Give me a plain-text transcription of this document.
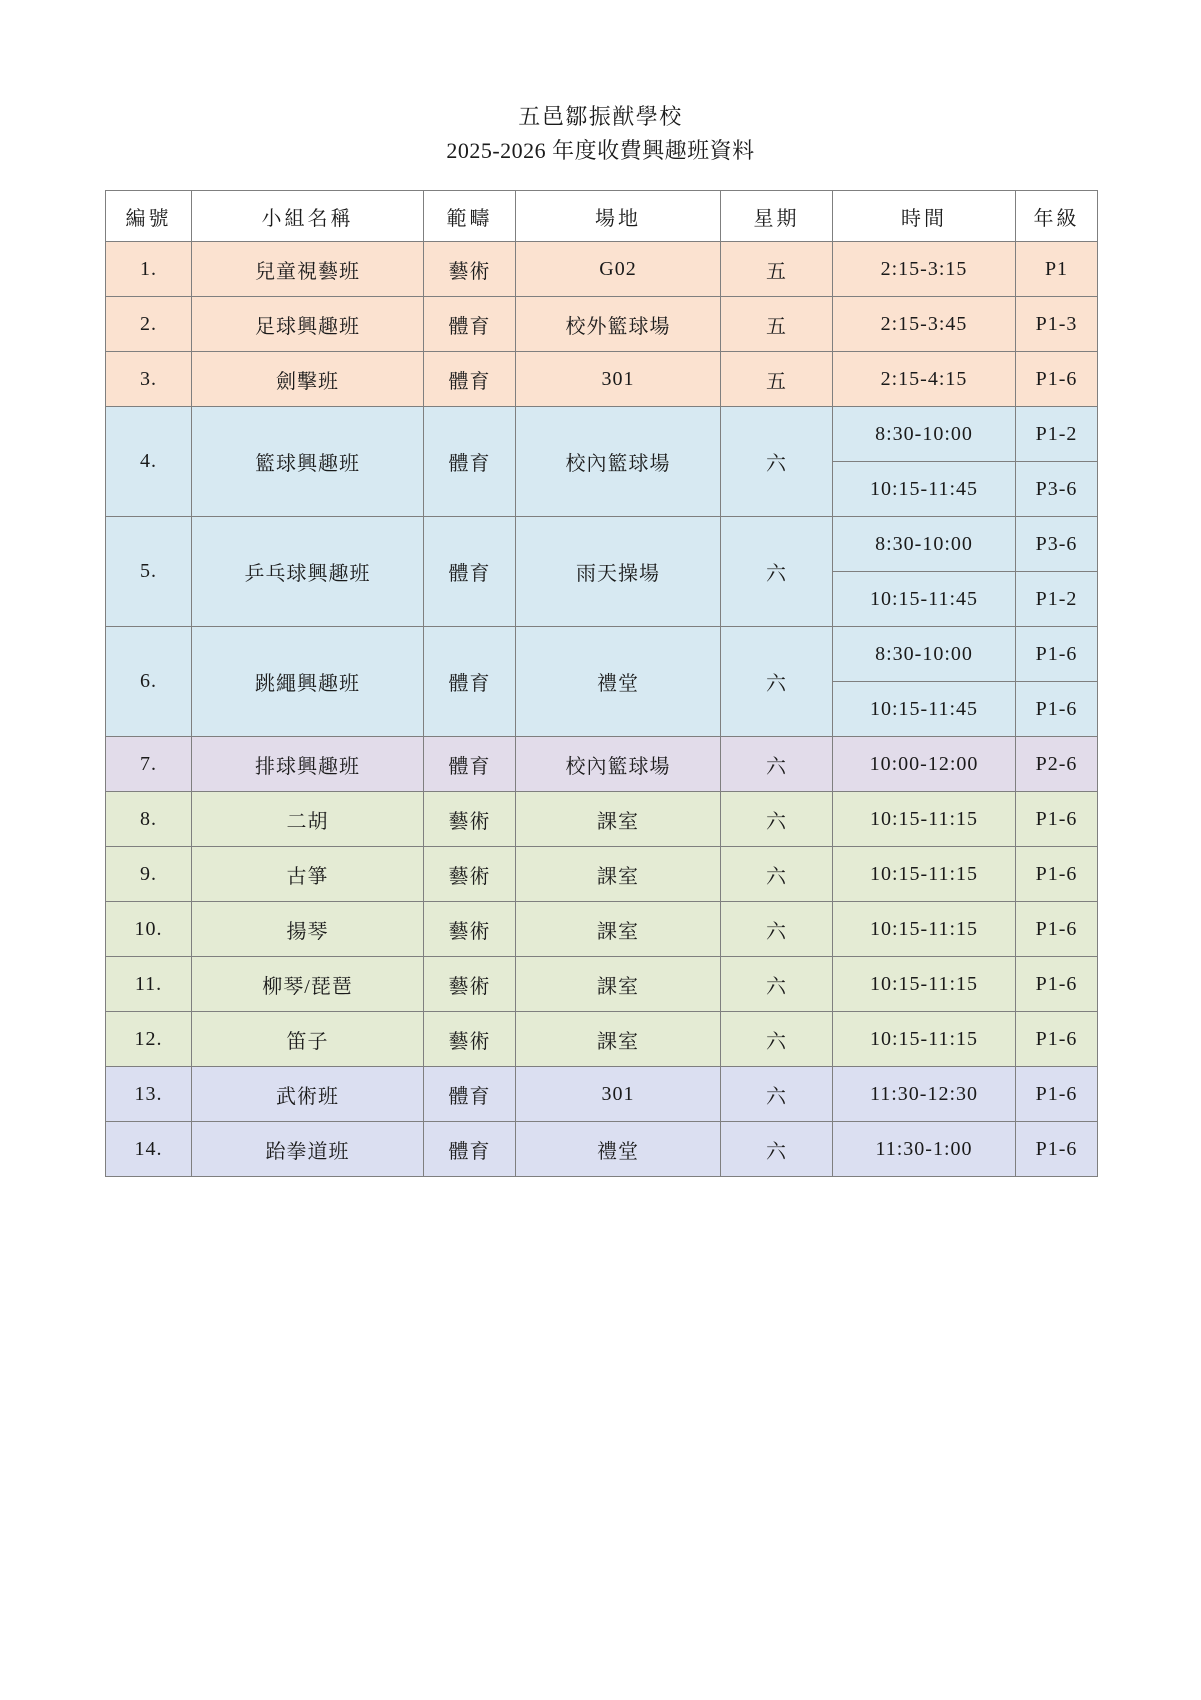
五邑鄒振猷學校
2025-2026 年度收費興趣班資料
編號	小組名稱	範疇	場地	星期	時間	年級
1.	兒童視藝班	藝術	G02	五	2:15-3:15	P1
2.	足球興趣班	體育	校外籃球場	五	2:15-3:45	P1-3
3.	劍擊班	體育	301	五	2:15-4:15	P1-6
4.	籃球興趣班	體育	校內籃球場	六	8:30-10:00	P1-2
					10:15-11:45	P3-6
5.	乒乓球興趣班	體育	雨天操場	六	8:30-10:00	P3-6
					10:15-11:45	P1-2
6.	跳繩興趣班	體育	禮堂	六	8:30-10:00	P1-6
					10:15-11:45	P1-6
7.	排球興趣班	體育	校內籃球場	六	10:00-12:00	P2-6
8.	二胡	藝術	課室	六	10:15-11:15	P1-6
9.	古箏	藝術	課室	六	10:15-11:15	P1-6
10.	揚琴	藝術	課室	六	10:15-11:15	P1-6
11.	柳琴/琵琶	藝術	課室	六	10:15-11:15	P1-6
12.	笛子	藝術	課室	六	10:15-11:15	P1-6
13.	武術班	體育	301	六	11:30-12:30	P1-6
14.	跆拳道班	體育	禮堂	六	11:30-1:00	P1-6
